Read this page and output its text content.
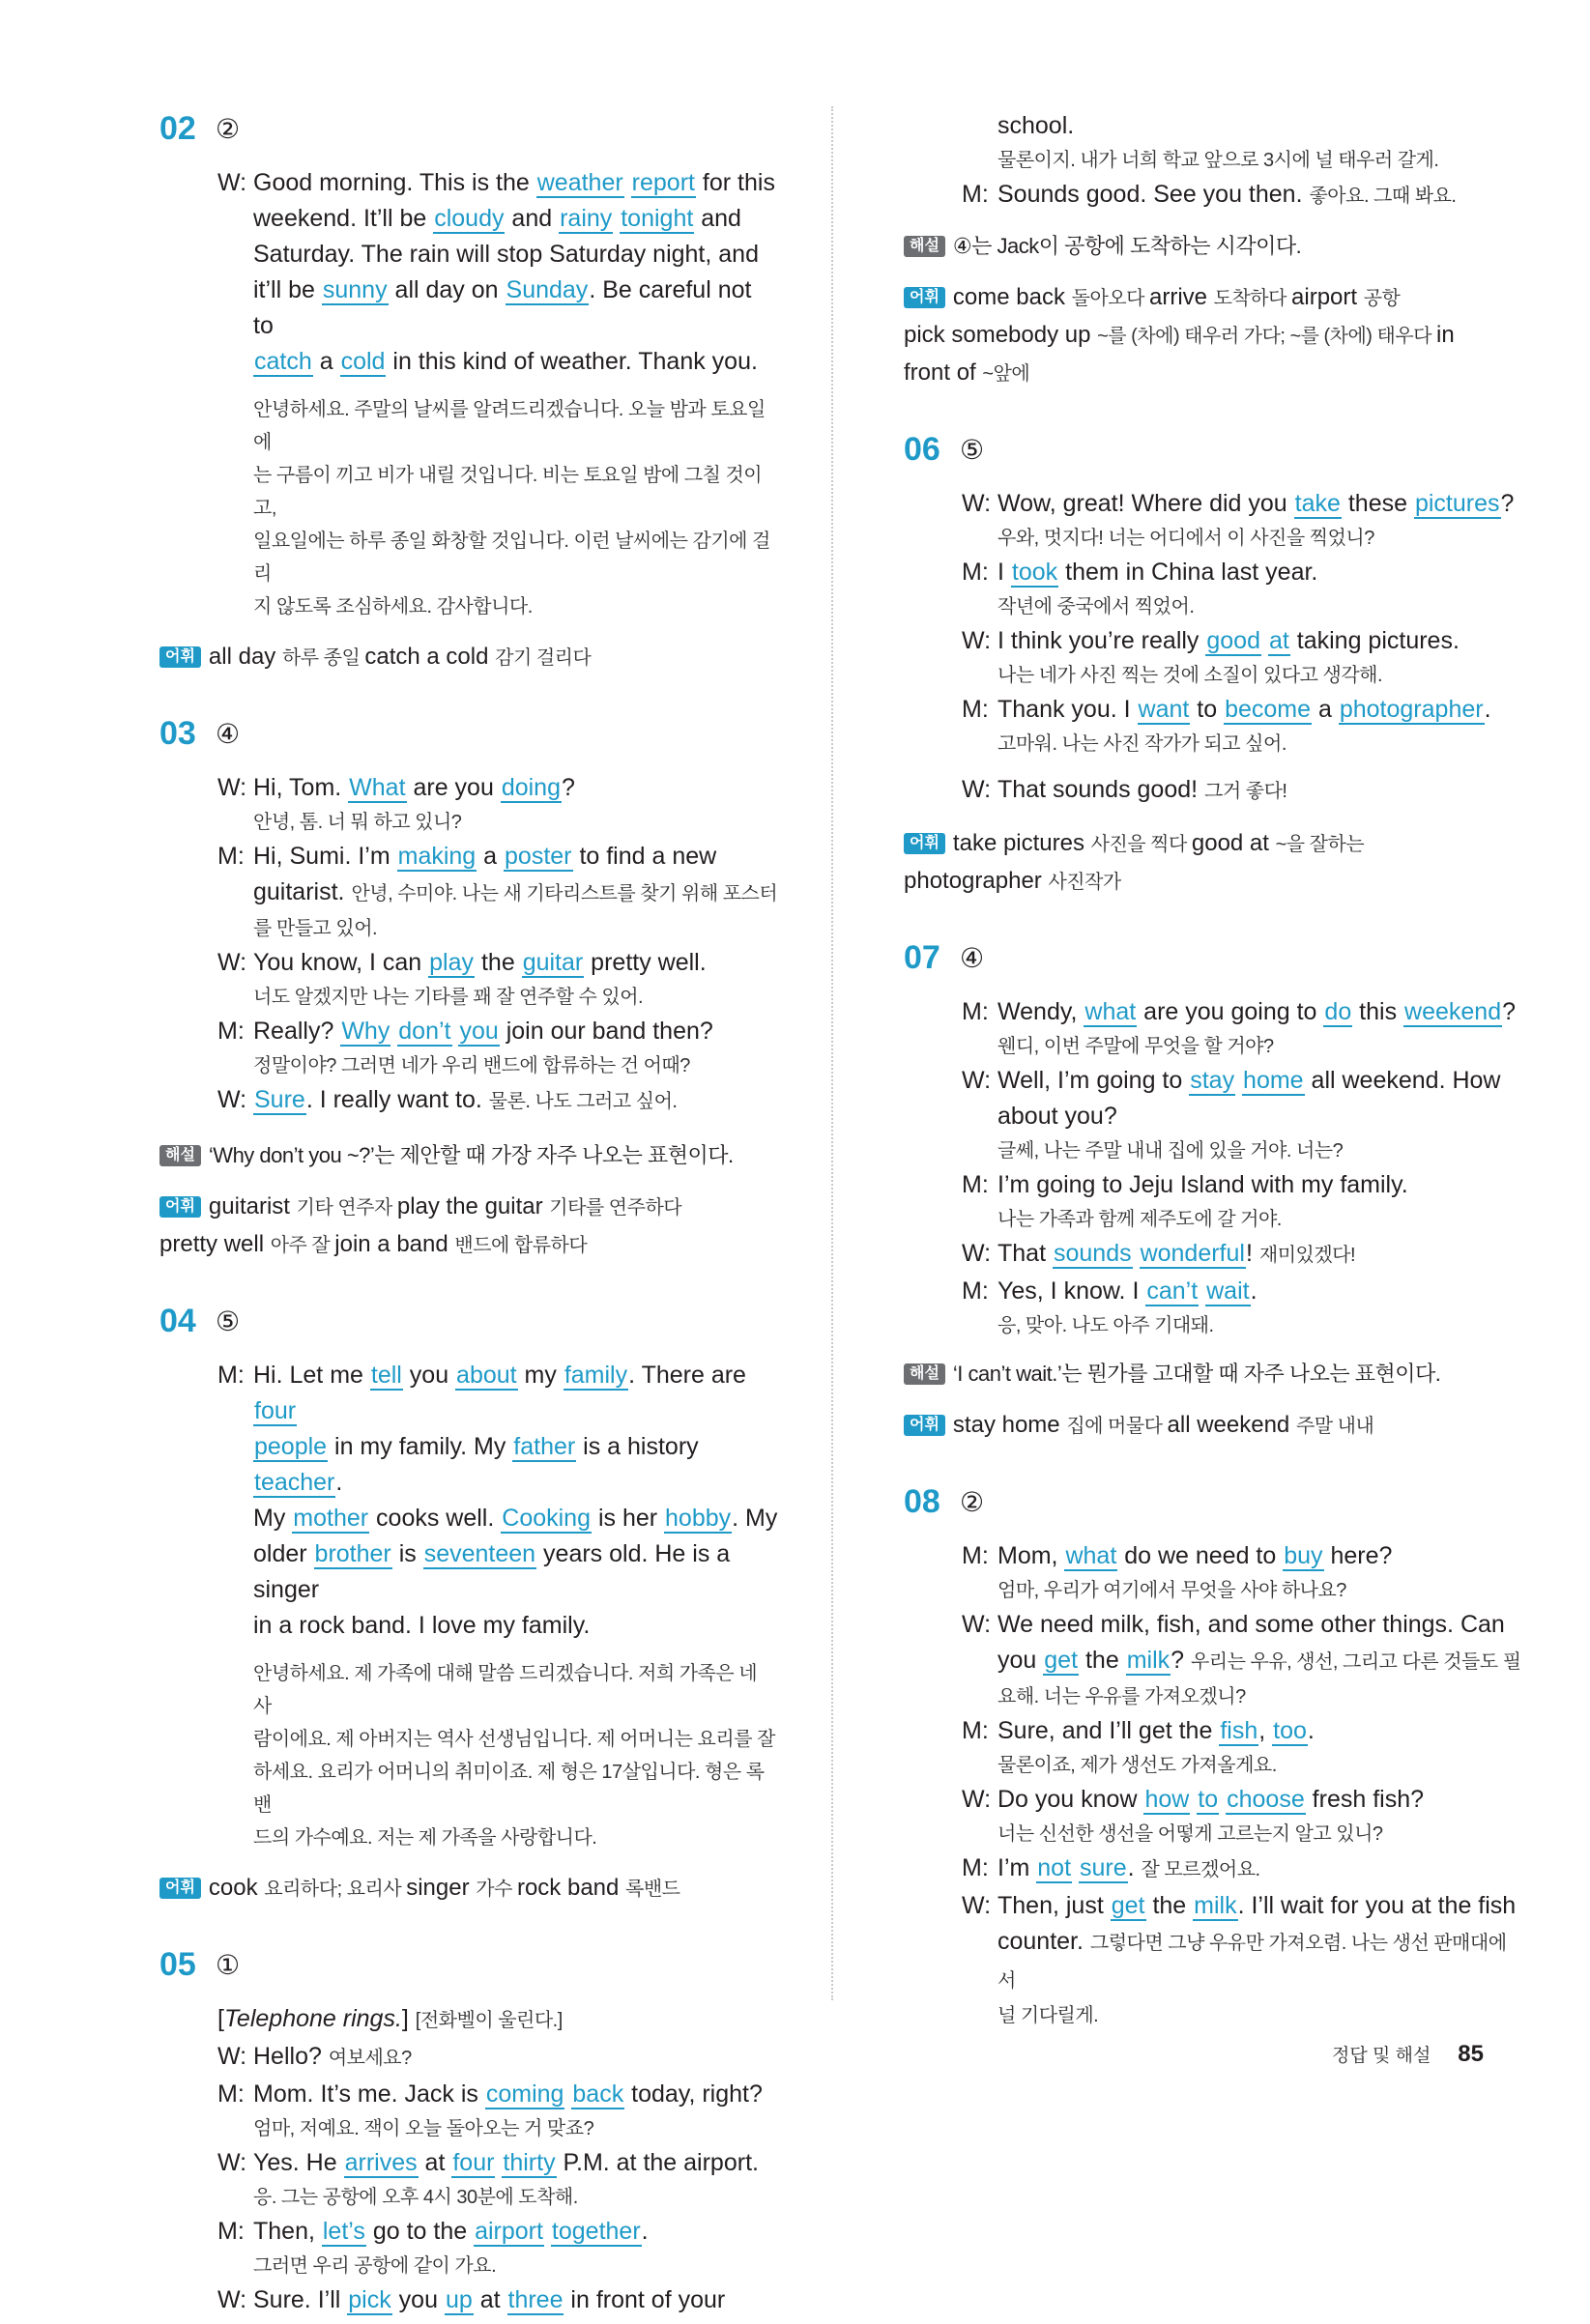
02 ②
W: Good morning. This is the weather report for this
weekend. It’ll be cloudy and rainy tonight and
Saturday. The rain will stop Saturday night, and
it’ll be sunny all day on Sunday. Be careful not to
catch a cold in this kind of weather. Thank you.
안녕하세요. 주말의 날씨를 알려드리겠습니다. 오늘 밤과 토요일에
는 구름이 끼고 비가 내릴 것입니다. 비는 토요일 밤에 그칠 것이고,
일요일에는 하루 종일 화창할 것입니다. 이런 날씨에는 감기에 걸리
지 않도록 조심하세요. 감사합니다.
어휘 all day 하루 종일 catch a cold 감기 걸리다
03 ④
W: Hi, Tom. What are you doing?
안녕, 톰. 너 뭐 하고 있니?
M: Hi, Sumi. I’m making a poster to find a new
guitarist. 안녕, 수미야. 나는 새 기타리스트를 찾기 위해 포스터
를 만들고 있어.
W: You know, I can play the guitar pretty well.
너도 알겠지만 나는 기타를 꽤 잘 연주할 수 있어.
M: Really? Why don’t you join our band then?
정말이야? 그러면 네가 우리 밴드에 합류하는 건 어때?
W: Sure. I really want to. 물론. 나도 그러고 싶어.
해설 ‘Why don’t you ~?’는 제안할 때 가장 자주 나오는 표현이다.
어휘 guitarist 기타 연주자 play the guitar 기타를 연주하다
pretty well 아주 잘 join a band 밴드에 합류하다
04 ⑤
M: Hi. Let me tell you about my family. There are four
people in my family. My father is a history teacher.
My mother cooks well. Cooking is her hobby. My
older brother is seventeen years old. He is a singer
in a rock band. I love my family.
안녕하세요. 제 가족에 대해 말씀 드리겠습니다. 저희 가족은 네 사
람이에요. 제 아버지는 역사 선생님입니다. 제 어머니는 요리를 잘
하세요. 요리가 어머니의 취미이죠. 제 형은 17살입니다. 형은 록밴
드의 가수예요. 저는 제 가족을 사랑합니다.
어휘 cook 요리하다; 요리사 singer 가수 rock band 록밴드
05 ①
[Telephone rings.] [전화벨이 울린다.]
W: Hello? 여보세요?
M: Mom. It’s me. Jack is coming back today, right?
엄마, 저예요. 잭이 오늘 돌아오는 거 맞죠?
W: Yes. He arrives at four thirty P.M. at the airport.
응. 그는 공항에 오후 4시 30분에 도착해.
M: Then, let’s go to the airport together.
그러면 우리 공항에 같이 가요.
W: Sure. I’ll pick you up at three in front of your
school.
물론이지. 내가 너희 학교 앞으로 3시에 널 태우러 갈게.
M: Sounds good. See you then. 좋아요. 그때 봐요.
해설 ④는 Jack이 공항에 도착하는 시각이다.
어휘 come back 돌아오다 arrive 도착하다 airport 공항
pick somebody up ~를 (차에) 태우러 가다; ~를 (차에) 태우다 in
front of ~앞에
06 ⑤
W: Wow, great! Where did you take these pictures?
우와, 멋지다! 너는 어디에서 이 사진을 찍었니?
M: I took them in China last year.
작년에 중국에서 찍었어.
W: I think you’re really good at taking pictures.
나는 네가 사진 찍는 것에 소질이 있다고 생각해.
M: Thank you. I want to become a photographer.
고마워. 나는 사진 작가가 되고 싶어.
W: That sounds good! 그거 좋다!
어휘 take pictures 사진을 찍다 good at ~을 잘하는
photographer 사진작가
07 ④
M: Wendy, what are you going to do this weekend?
웬디, 이번 주말에 무엇을 할 거야?
W: Well, I’m going to stay home all weekend. How
about you?
글쎄, 나는 주말 내내 집에 있을 거야. 너는?
M: I’m going to Jeju Island with my family.
나는 가족과 함께 제주도에 갈 거야.
W: That sounds wonderful! 재미있겠다!
M: Yes, I know. I can’t wait.
응, 맞아. 나도 아주 기대돼.
해설 ‘I can’t wait.’는 뭔가를 고대할 때 자주 나오는 표현이다.
어휘 stay home 집에 머물다 all weekend 주말 내내
08 ②
M: Mom, what do we need to buy here?
엄마, 우리가 여기에서 무엇을 사야 하나요?
W: We need milk, fish, and some other things. Can
you get the milk? 우리는 우유, 생선, 그리고 다른 것들도 필
요해. 너는 우유를 가져오겠니?
M: Sure, and I’ll get the fish, too.
물론이죠, 제가 생선도 가져올게요.
W: Do you know how to choose fresh fish?
너는 신선한 생선을 어떻게 고르는지 알고 있니?
M: I’m not sure. 잘 모르겠어요.
W: Then, just get the milk. I’ll wait for you at the fish
counter. 그렇다면 그냥 우유만 가져오렴. 나는 생선 판매대에서
널 기다릴게.
정답 및 해설 85
